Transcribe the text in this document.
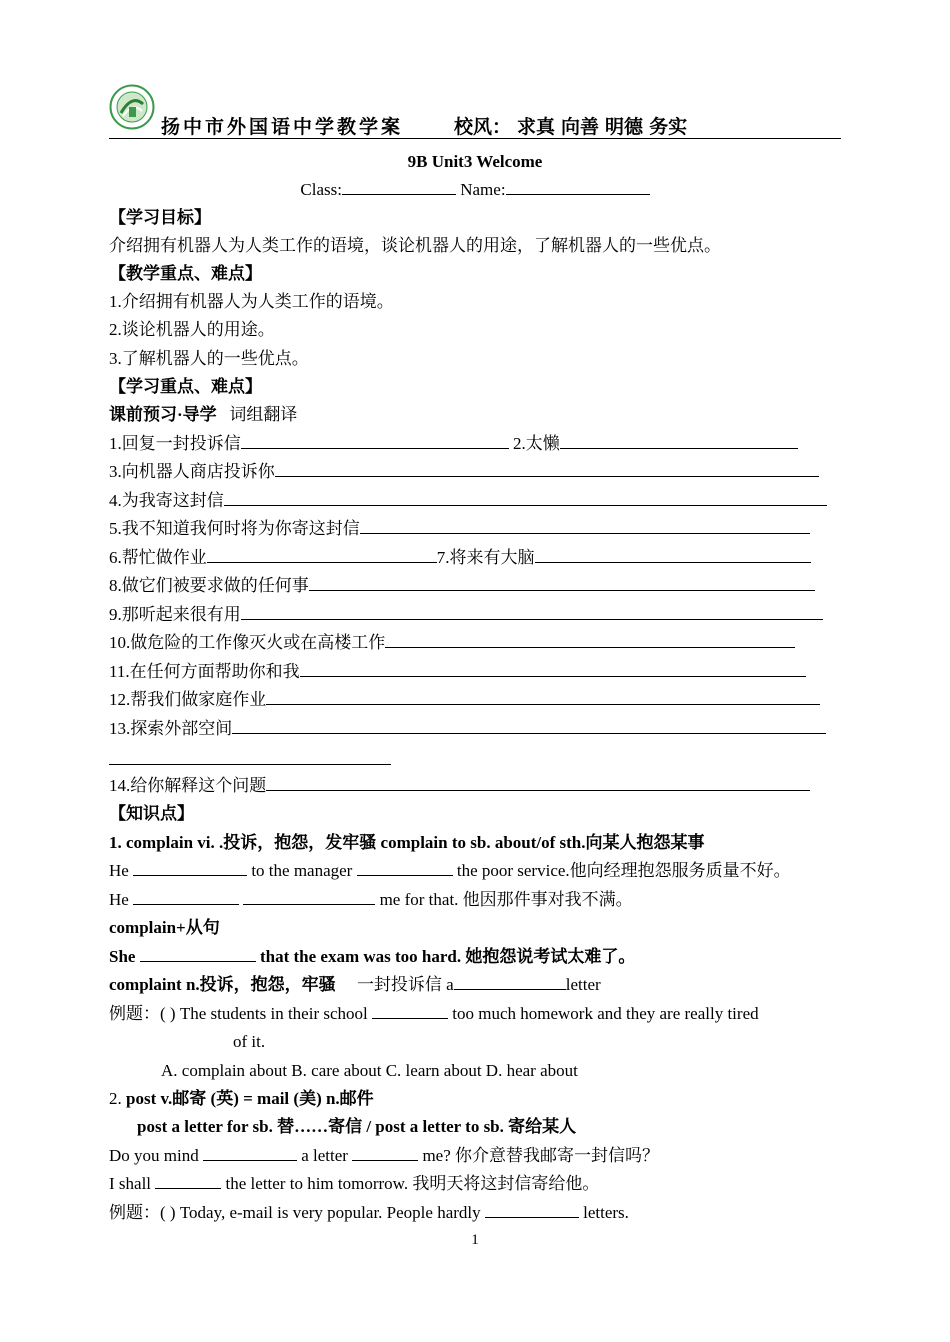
扬中市外国语中学教学案	校风： 求真 向善 明德 务实
9B Unit3 Welcome
Class:	Name:
【学习目标】
介绍拥有机器人为人类工作的语境，谈论机器人的用途，了解机器人的一些优点。
【教学重点、难点】
1.介绍拥有机器人为人类工作的语境。
2.谈论机器人的用途。
3.了解机器人的一些优点。
【学习重点、难点】
课前预习·导学 词组翻译
1.回复一封投诉信	2.太懒
3.向机器人商店投诉你
4.为我寄这封信
5.我不知道我何时将为你寄这封信
6.帮忙做作业	7.将来有大脑
8.做它们被要求做的任何事
9.那听起来很有用
10.做危险的工作像灭火或在高楼工作
11.在任何方面帮助你和我
12.帮我们做家庭作业
13.探索外部空间
14.给你解释这个问题
【知识点】
1. complain vi. .投诉，抱怨，发牢骚 complain to sb. about/of sth.向某人抱怨某事
He	to the manager	the poor service.他向经理抱怨服务质量不好。
He	me for that. 他因那件事对我不满。
complain+从句
She	that the exam was too hard. 她抱怨说考试太难了。
complaint n.投诉，抱怨，牢骚 一封投诉信 a	letter
例题：( ) The students in their school	too much homework and they are really tired
of it.
A. complain about B. care about C. learn about D. hear about
2. post v.邮寄 (英) = mail (美) n.邮件
post a letter for sb. 替……寄信 / post a letter to sb. 寄给某人
Do you mind	a letter	me? 你介意替我邮寄一封信吗？
I shall	the letter to him tomorrow. 我明天将这封信寄给他。
例题：( ) Today, e-mail is very popular. People hardly	letters.
1
